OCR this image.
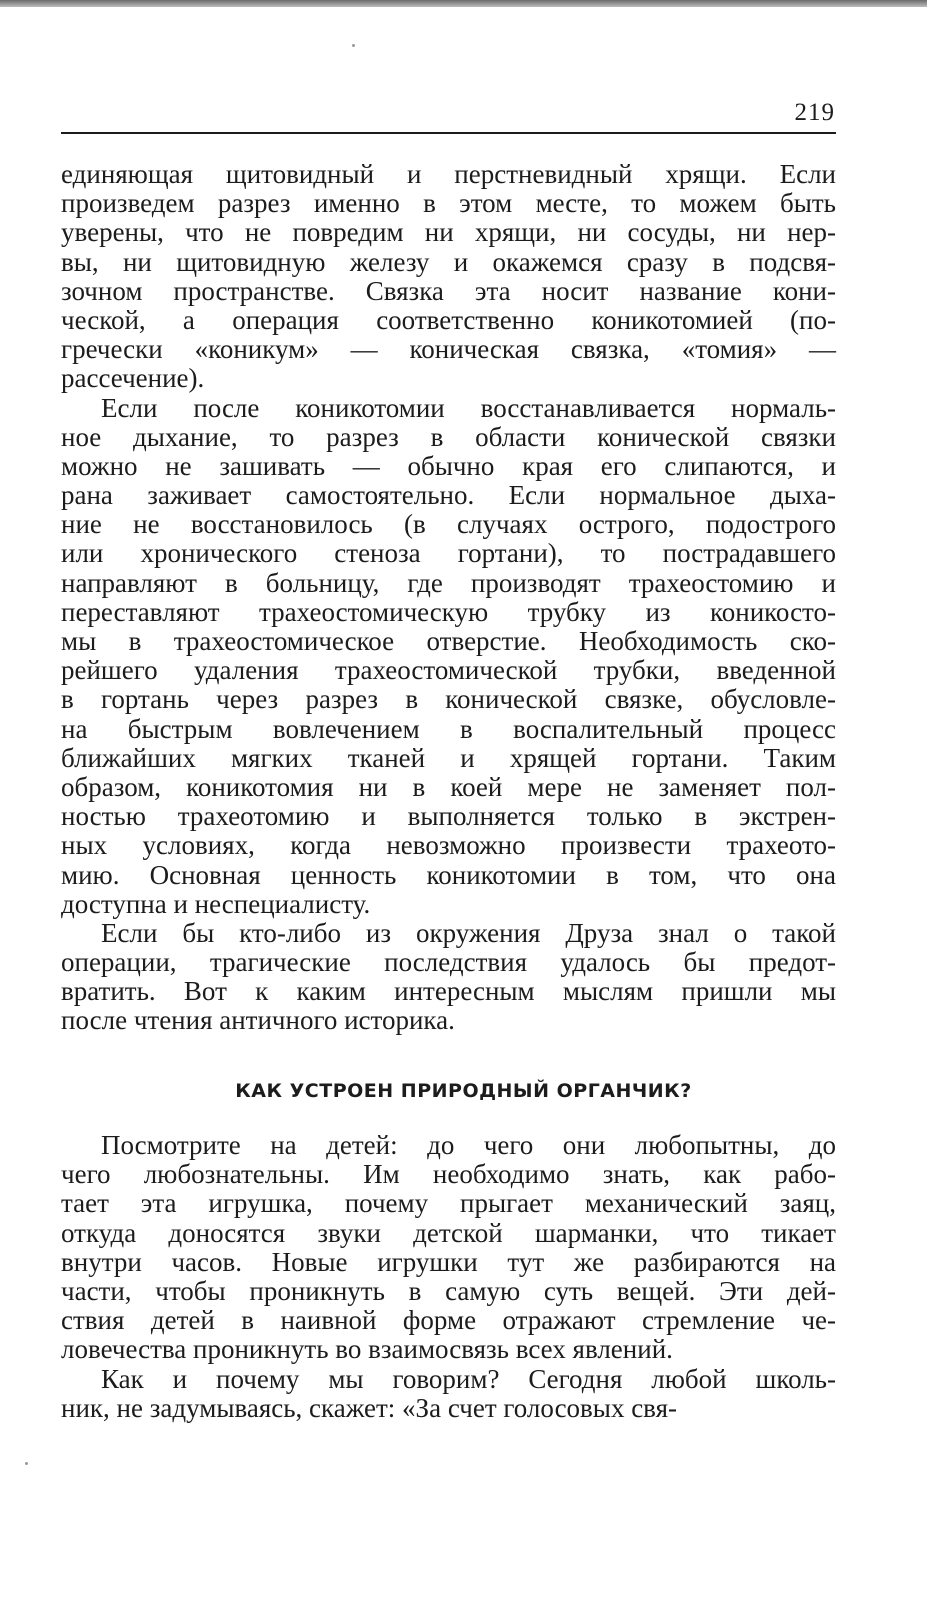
219
единяющая щитовидный и перстневидный хрящи. Если
произведем разрез именно в этом месте, то можем быть
уверены, что не повредим ни хрящи, ни сосуды, ни нер-
вы, ни щитовидную железу и окажемся сразу в подсвя-
зочном пространстве. Связка эта носит название кони-
ческой, а операция соответственно коникотомией (по-
гречески «коникум» — коническая связка, «томия» —
рассечение).
Если после коникотомии восстанавливается нормаль-
ное дыхание, то разрез в области конической связки
можно не зашивать — обычно края его слипаются, и
рана заживает самостоятельно. Если нормальное дыха-
ние не восстановилось (в случаях острого, подострого
или хронического стеноза гортани), то пострадавшего
направляют в больницу, где производят трахеостомию и
переставляют трахеостомическую трубку из коникосто-
мы в трахеостомическое отверстие. Необходимость ско-
рейшего удаления трахеостомической трубки, введенной
в гортань через разрез в конической связке, обусловле-
на быстрым вовлечением в воспалительный процесс
ближайших мягких тканей и хрящей гортани. Таким
образом, коникотомия ни в коей мере не заменяет пол-
ностью трахеотомию и выполняется только в экстрен-
ных условиях, когда невозможно произвести трахеото-
мию. Основная ценность коникотомии в том, что она
доступна и неспециалисту.
Если бы кто-либо из окружения Друза знал о такой
операции, трагические последствия удалось бы предот-
вратить. Вот к каким интересным мыслям пришли мы
после чтения античного историка.
КАК УСТРОЕН ПРИРОДНЫЙ ОРГАНЧИК?
Посмотрите на детей: до чего они любопытны, до
чего любознательны. Им необходимо знать, как рабо-
тает эта игрушка, почему прыгает механический заяц,
откуда доносятся звуки детской шарманки, что тикает
внутри часов. Новые игрушки тут же разбираются на
части, чтобы проникнуть в самую суть вещей. Эти дей-
ствия детей в наивной форме отражают стремление че-
ловечества проникнуть во взаимосвязь всех явлений.
Как и почему мы говорим? Сегодня любой школь-
ник, не задумываясь, скажет: «За счет голосовых свя-
